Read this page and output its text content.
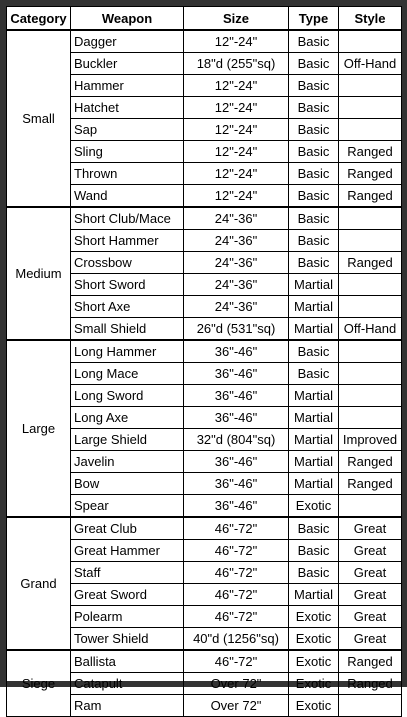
Category	Weapon	Size	Type	Style
Small	Dagger	12"-24"	Basic	
	Buckler	18"d (255"sq)	Basic	Off-Hand
	Hammer	12"-24"	Basic	
	Hatchet	12"-24"	Basic	
	Sap	12"-24"	Basic	
	Sling	12"-24"	Basic	Ranged
	Thrown	12"-24"	Basic	Ranged
	Wand	12"-24"	Basic	Ranged
Medium	Short Club/Mace	24"-36"	Basic	
	Short Hammer	24"-36"	Basic	
	Crossbow	24"-36"	Basic	Ranged
	Short Sword	24"-36"	Martial	
	Short Axe	24"-36"	Martial	
	Small Shield	26"d (531"sq)	Martial	Off-Hand
Large	Long Hammer	36"-46"	Basic	
	Long Mace	36"-46"	Basic	
	Long Sword	36"-46"	Martial	
	Long Axe	36"-46"	Martial	
	Large Shield	32"d (804"sq)	Martial	Improved
	Javelin	36"-46"	Martial	Ranged
	Bow	36"-46"	Martial	Ranged
	Spear	36"-46"	Exotic	
Grand	Great Club	46"-72"	Basic	Great
	Great Hammer	46"-72"	Basic	Great
	Staff	46"-72"	Basic	Great
	Great Sword	46"-72"	Martial	Great
	Polearm	46"-72"	Exotic	Great
	Tower Shield	40"d (1256"sq)	Exotic	Great
Siege	Ballista	46"-72"	Exotic	Ranged
	Catapult	Over 72"	Exotic	Ranged
	Ram	Over 72"	Exotic	
